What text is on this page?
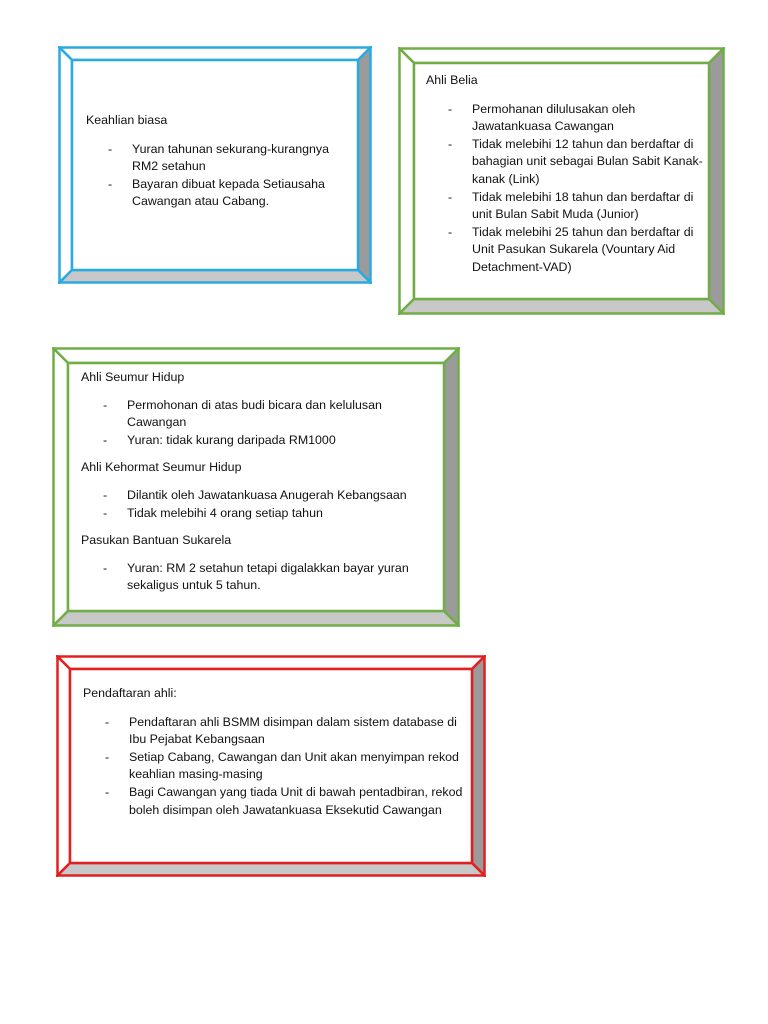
Keahlian biasa

- Yuran tahunan sekurang-kurangnya RM2 setahun
- Bayaran dibuat kepada Setiausaha Cawangan atau Cabang.

Ahli Belia

- Permohanan dilulusakan oleh Jawatankuasa Cawangan
- Tidak melebihi 12 tahun dan berdaftar di bahagian unit sebagai Bulan Sabit Kanak-kanak (Link)
- Tidak melebihi 18 tahun dan berdaftar di unit Bulan Sabit Muda (Junior)
- Tidak melebihi 25 tahun dan berdaftar di Unit Pasukan Sukarela (Vountary Aid Detachment-VAD)

Ahli Seumur Hidup

- Permohonan di atas budi bicara dan kelulusan Cawangan
- Yuran: tidak kurang daripada RM1000

Ahli Kehormat Seumur Hidup

- Dilantik oleh Jawatankuasa Anugerah Kebangsaan
- Tidak melebihi 4 orang setiap tahun

Pasukan Bantuan Sukarela

- Yuran: RM 2 setahun tetapi digalakkan bayar yuran sekaligus untuk 5 tahun.

Pendaftaran ahli:

- Pendaftaran ahli BSMM disimpan dalam sistem database di Ibu Pejabat Kebangsaan
- Setiap Cabang, Cawangan dan Unit akan menyimpan rekod keahlian masing-masing
- Bagi Cawangan yang tiada Unit di bawah pentadbiran, rekod boleh disimpan oleh Jawatankuasa Eksekutid Cawangan
